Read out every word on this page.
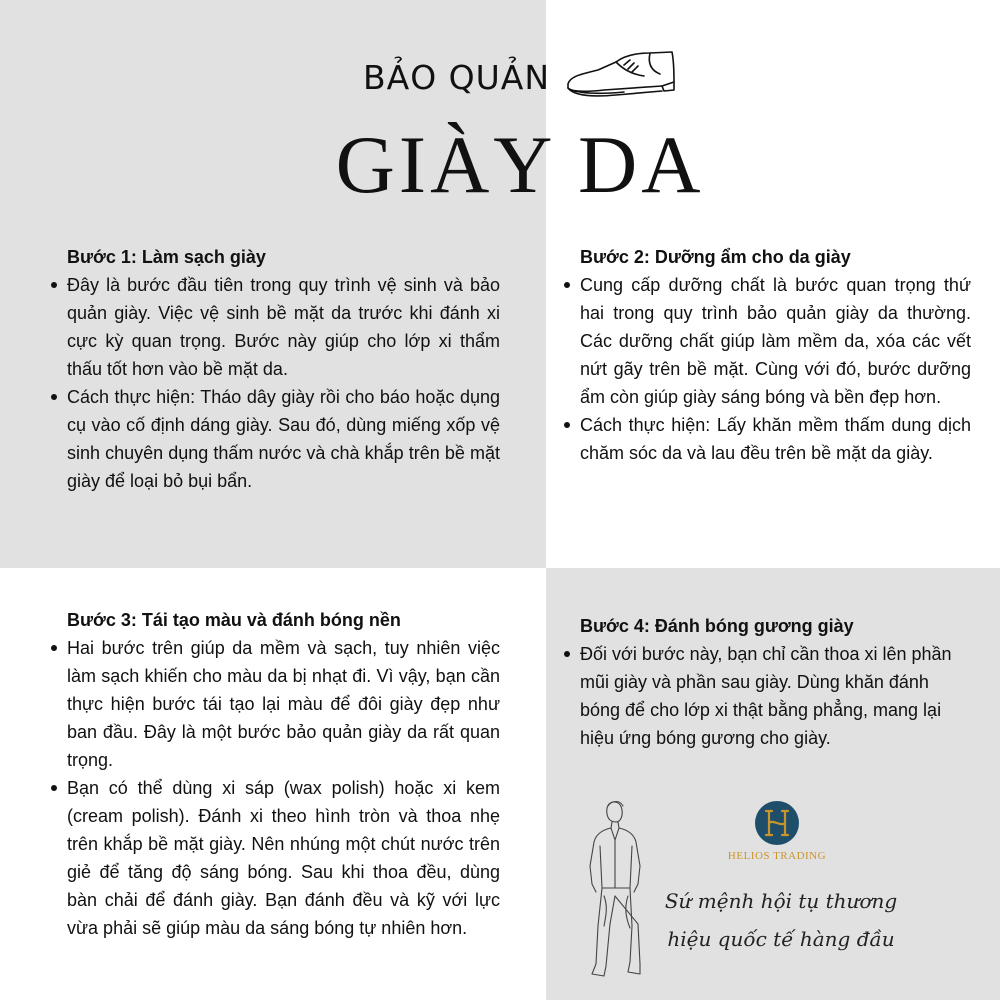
BẢO QUẢN
GIÀY DA
Bước 1: Làm sạch giày
Đây là bước đầu tiên trong quy trình vệ sinh và bảo quản giày. Việc vệ sinh bề mặt da trước khi đánh xi cực kỳ quan trọng. Bước này giúp cho lớp xi thẩm thấu tốt hơn vào bề mặt da.
Cách thực hiện: Tháo dây giày rồi cho báo hoặc dụng cụ vào cố định dáng giày. Sau đó, dùng miếng xốp vệ sinh chuyên dụng thấm nước và chà khắp trên bề mặt giày để loại bỏ bụi bẩn.
Bước 2: Dưỡng ẩm cho da giày
Cung cấp dưỡng chất là bước quan trọng thứ hai trong quy trình bảo quản giày da thường. Các dưỡng chất giúp làm mềm da, xóa các vết nứt gãy trên bề mặt. Cùng với đó, bước dưỡng ẩm còn giúp giày sáng bóng và bền đẹp hơn.
Cách thực hiện: Lấy khăn mềm thấm dung dịch chăm sóc da và lau đều trên bề mặt da giày.
Bước 3: Tái tạo màu và đánh bóng nền
Hai bước trên giúp da mềm và sạch, tuy nhiên việc làm sạch khiến cho màu da bị nhạt đi. Vì vậy, bạn cần thực hiện bước tái tạo lại màu để đôi giày đẹp như ban đầu. Đây là một bước bảo quản giày da rất quan trọng.
Bạn có thể dùng xi sáp (wax polish) hoặc xi kem (cream polish). Đánh xi theo hình tròn và thoa nhẹ trên khắp bề mặt giày. Nên nhúng một chút nước trên giẻ để tăng độ sáng bóng. Sau khi thoa đều, dùng bàn chải để đánh giày. Bạn đánh đều và kỹ với lực vừa phải sẽ giúp màu da sáng bóng tự nhiên hơn.
Bước 4: Đánh bóng gương giày
Đối với bước này, bạn chỉ cần thoa xi lên phần mũi giày và phần sau giày. Dùng khăn đánh bóng để cho lớp xi thật bằng phẳng, mang lại hiệu ứng bóng gương cho giày.
HELIOS TRADING
Sứ mệnh hội tụ thương
hiệu quốc tế hàng đầu
